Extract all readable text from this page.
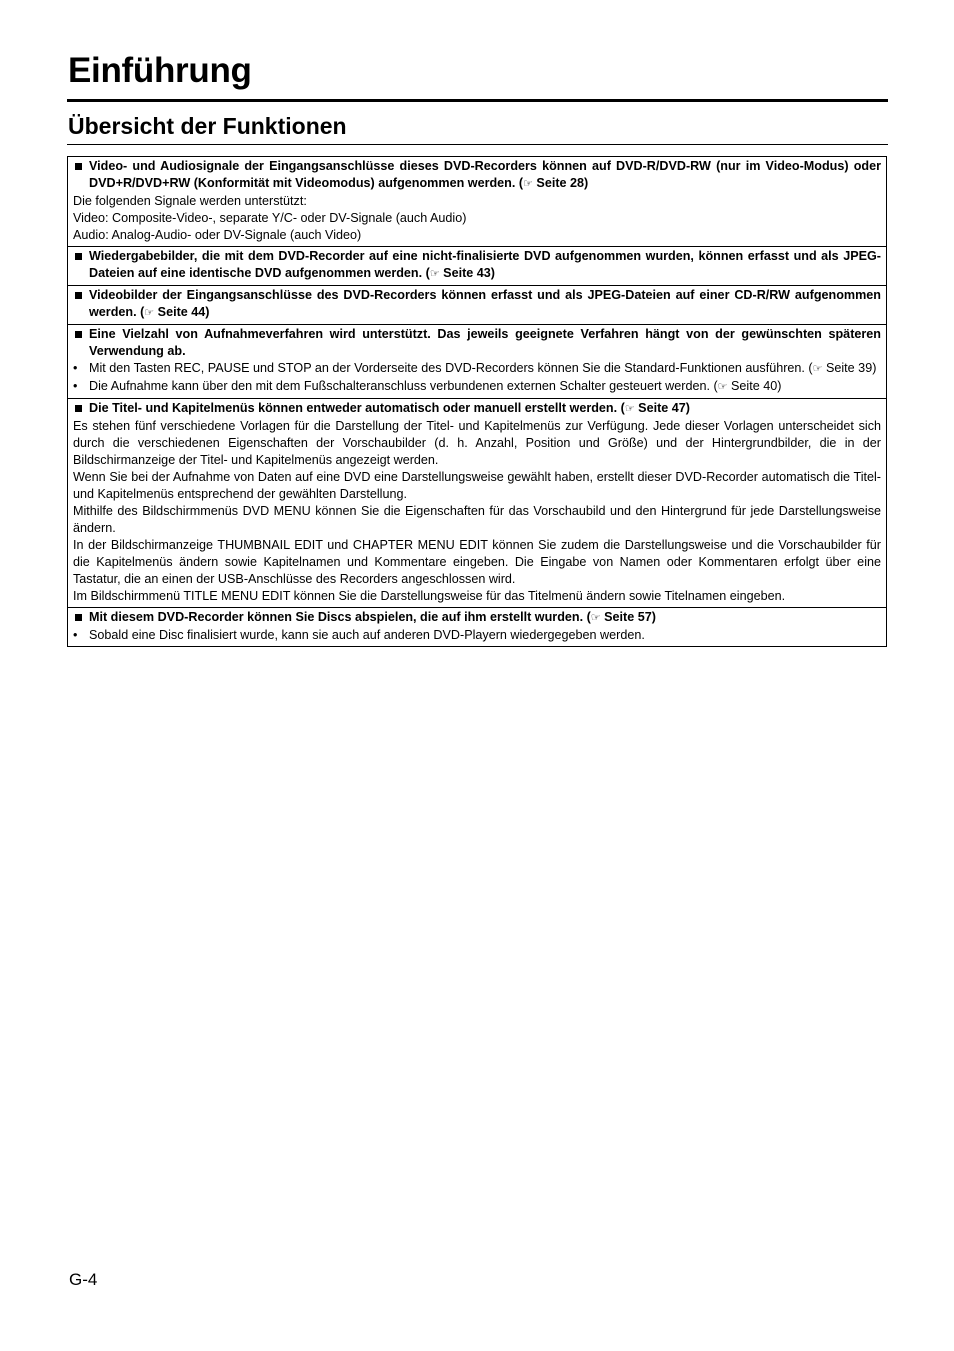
Einführung
Übersicht der Funktionen
Video- und Audiosignale der Eingangsanschlüsse dieses DVD-Recorders können auf DVD-R/DVD-RW (nur im Video-Modus) oder DVD+R/DVD+RW (Konformität mit Videomodus) aufgenommen werden. (☞ Seite 28)
Die folgenden Signale werden unterstützt:
Video: Composite-Video-, separate Y/C- oder DV-Signale (auch Audio)
Audio: Analog-Audio- oder DV-Signale (auch Video)
Wiedergabebilder, die mit dem DVD-Recorder auf eine nicht-finalisierte DVD aufgenommen wurden, können erfasst und als JPEG-Dateien auf eine identische DVD aufgenommen werden. (☞ Seite 43)
Videobilder der Eingangsanschlüsse des DVD-Recorders können erfasst und als JPEG-Dateien auf einer CD-R/RW aufgenommen werden. (☞ Seite 44)
Eine Vielzahl von Aufnahmeverfahren wird unterstützt. Das jeweils geeignete Verfahren hängt von der gewünschten späteren Verwendung ab.
• Mit den Tasten REC, PAUSE und STOP an der Vorderseite des DVD-Recorders können Sie die Standard-Funktionen ausführen. (☞ Seite 39)
• Die Aufnahme kann über den mit dem Fußschalteranschluss verbundenen externen Schalter gesteuert werden. (☞ Seite 40)
Die Titel- und Kapitelmenüs können entweder automatisch oder manuell erstellt werden. (☞ Seite 47)
Es stehen fünf verschiedene Vorlagen für die Darstellung der Titel- und Kapitelmenüs zur Verfügung. Jede dieser Vorlagen unterscheidet sich durch die verschiedenen Eigenschaften der Vorschaubilder (d. h. Anzahl, Position und Größe) und der Hintergrundbilder, die in der Bildschirmanzeige der Titel- und Kapitelmenüs angezeigt werden.
Wenn Sie bei der Aufnahme von Daten auf eine DVD eine Darstellungsweise gewählt haben, erstellt dieser DVD-Recorder automatisch die Titel- und Kapitelmenüs entsprechend der gewählten Darstellung.
Mithilfe des Bildschirmmenüs DVD MENU können Sie die Eigenschaften für das Vorschaubild und den Hintergrund für jede Darstellungsweise ändern.
In der Bildschirmanzeige THUMBNAIL EDIT und CHAPTER MENU EDIT können Sie zudem die Darstellungsweise und die Vorschaubilder für die Kapitelmenüs ändern sowie Kapitelnamen und Kommentare eingeben. Die Eingabe von Namen oder Kommentaren erfolgt über eine Tastatur, die an einen der USB-Anschlüsse des Recorders angeschlossen wird.
Im Bildschirmmenü TITLE MENU EDIT können Sie die Darstellungsweise für das Titelmenü ändern sowie Titelnamen eingeben.
Mit diesem DVD-Recorder können Sie Discs abspielen, die auf ihm erstellt wurden. (☞ Seite 57)
• Sobald eine Disc finalisiert wurde, kann sie auch auf anderen DVD-Playern wiedergegeben werden.

G-4
